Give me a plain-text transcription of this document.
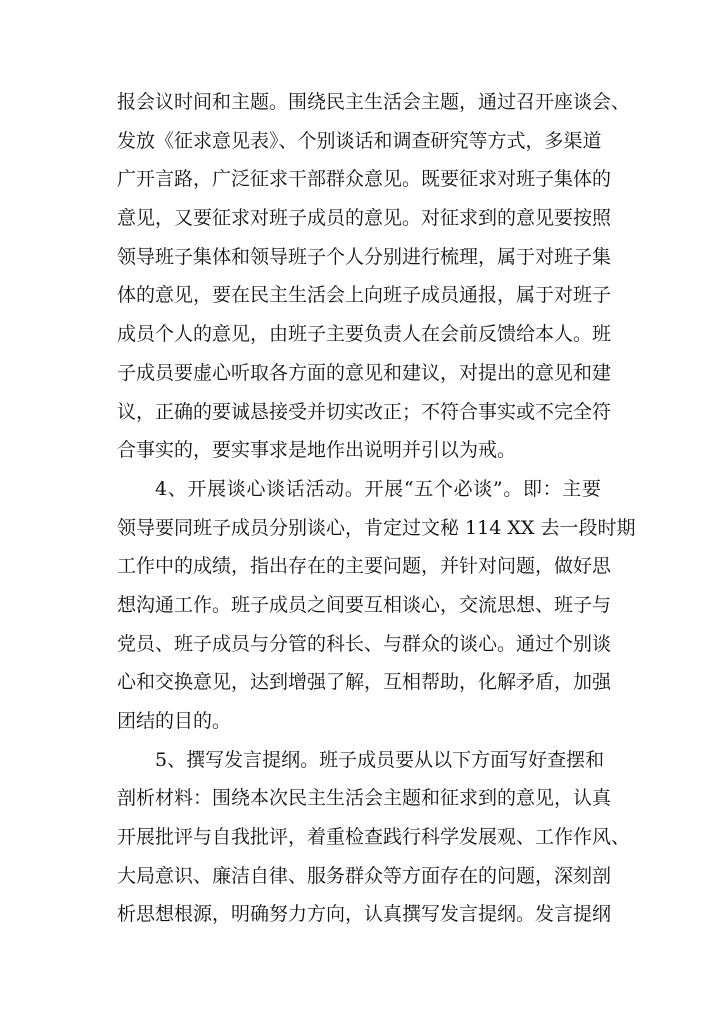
报会议时间和主题。围绕民主生活会主题，通过召开座谈会、
发放《征求意见表》、个别谈话和调查研究等方式，多渠道
广开言路，广泛征求干部群众意见。既要征求对班子集体的
意见，又要征求对班子成员的意见。对征求到的意见要按照
领导班子集体和领导班子个人分别进行梳理，属于对班子集
体的意见，要在民主生活会上向班子成员通报，属于对班子
成员个人的意见，由班子主要负责人在会前反馈给本人。班
子成员要虚心听取各方面的意见和建议，对提出的意见和建
议，正确的要诚恳接受并切实改正；不符合事实或不完全符
合事实的，要实事求是地作出说明并引以为戒。

4、开展谈心谈话活动。开展“五个必谈”。即：主要
领导要同班子成员分别谈心，肯定过文秘 114 XX 去一段时期
工作中的成绩，指出存在的主要问题，并针对问题，做好思
想沟通工作。班子成员之间要互相谈心，交流思想、班子与
党员、班子成员与分管的科长、与群众的谈心。通过个别谈
心和交换意见，达到增强了解，互相帮助，化解矛盾，加强
团结的目的。

5、撰写发言提纲。班子成员要从以下方面写好查摆和
剖析材料：围绕本次民主生活会主题和征求到的意见，认真
开展批评与自我批评，着重检查践行科学发展观、工作作风、
大局意识、廉洁自律、服务群众等方面存在的问题，深刻剖
析思想根源，明确努力方向，认真撰写发言提纲。发言提纲
